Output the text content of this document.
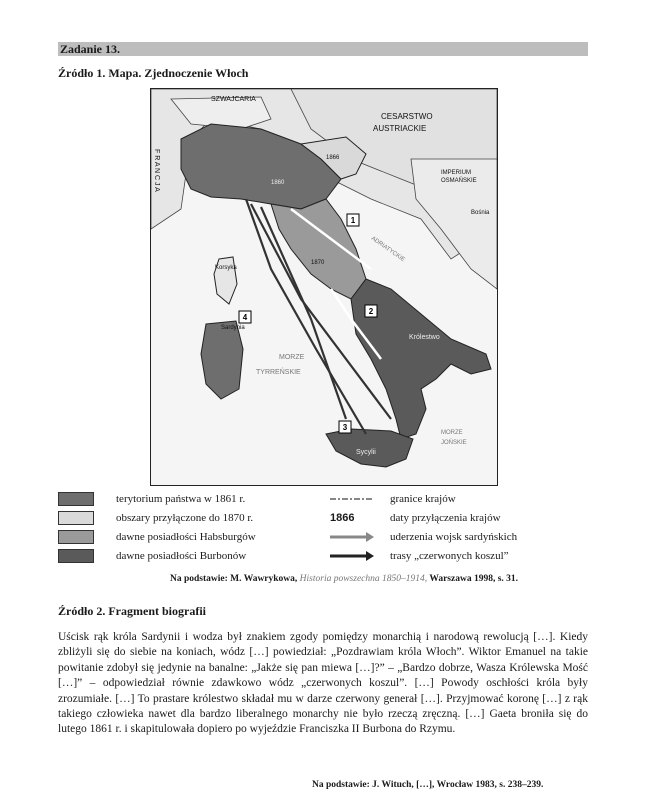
Zadanie 13.
Źródło 1. Mapa. Zjednoczenie Włoch
SZWAJCARIA
CESARSTWO
AUSTRIACKIE
IMPERIUM
OSMAŃSKIE
Bośnia
F R A N C J A
Sardynia
Korsyka
MORZE
TYRREŃSKIE
Królestwo
Sycylii
MORZE
JOŃSKIE
ADRIATYCKIE
1860
1866
1870
1
2
3
4
terytorium państwa w 1861 r.
obszary przyłączone do 1870 r.
dawne posiadłości Habsburgów
dawne posiadłości Burbonów
granice krajów
1866	daty przyłączenia krajów
uderzenia wojsk sardyńskich
trasy „czerwonych koszul”
Na podstawie: M. Wawrykowa, Historia powszechna 1850–1914, Warszawa 1998, s. 31.
Źródło 2. Fragment biografii
Uścisk rąk króla Sardynii i wodza był znakiem zgody pomiędzy monarchią i narodową rewolucją […]. Kiedy zbliżyli się do siebie na koniach, wódz […] powiedział: „Pozdrawiam króla Włoch”. Wiktor Emanuel na takie powitanie zdobył się jedynie na banalne: „Jakże się pan miewa […]?” – „Bardzo dobrze, Wasza Królewska Mość […]” – odpowiedział równie zdawkowo wódz „czerwonych koszul”. […] Powody oschłości króla były zrozumiałe. […] To prastare królestwo składał mu w darze czerwony generał […]. Przyjmować koronę […] z rąk takiego człowieka nawet dla bardzo liberalnego monarchy nie było rzeczą zręczną. […] Gaeta broniła się do lutego 1861 r. i skapitulowała dopiero po wyjeździe Franciszka II Burbona do Rzymu.
Na podstawie: J. Wituch, […], Wrocław 1983, s. 238–239.
